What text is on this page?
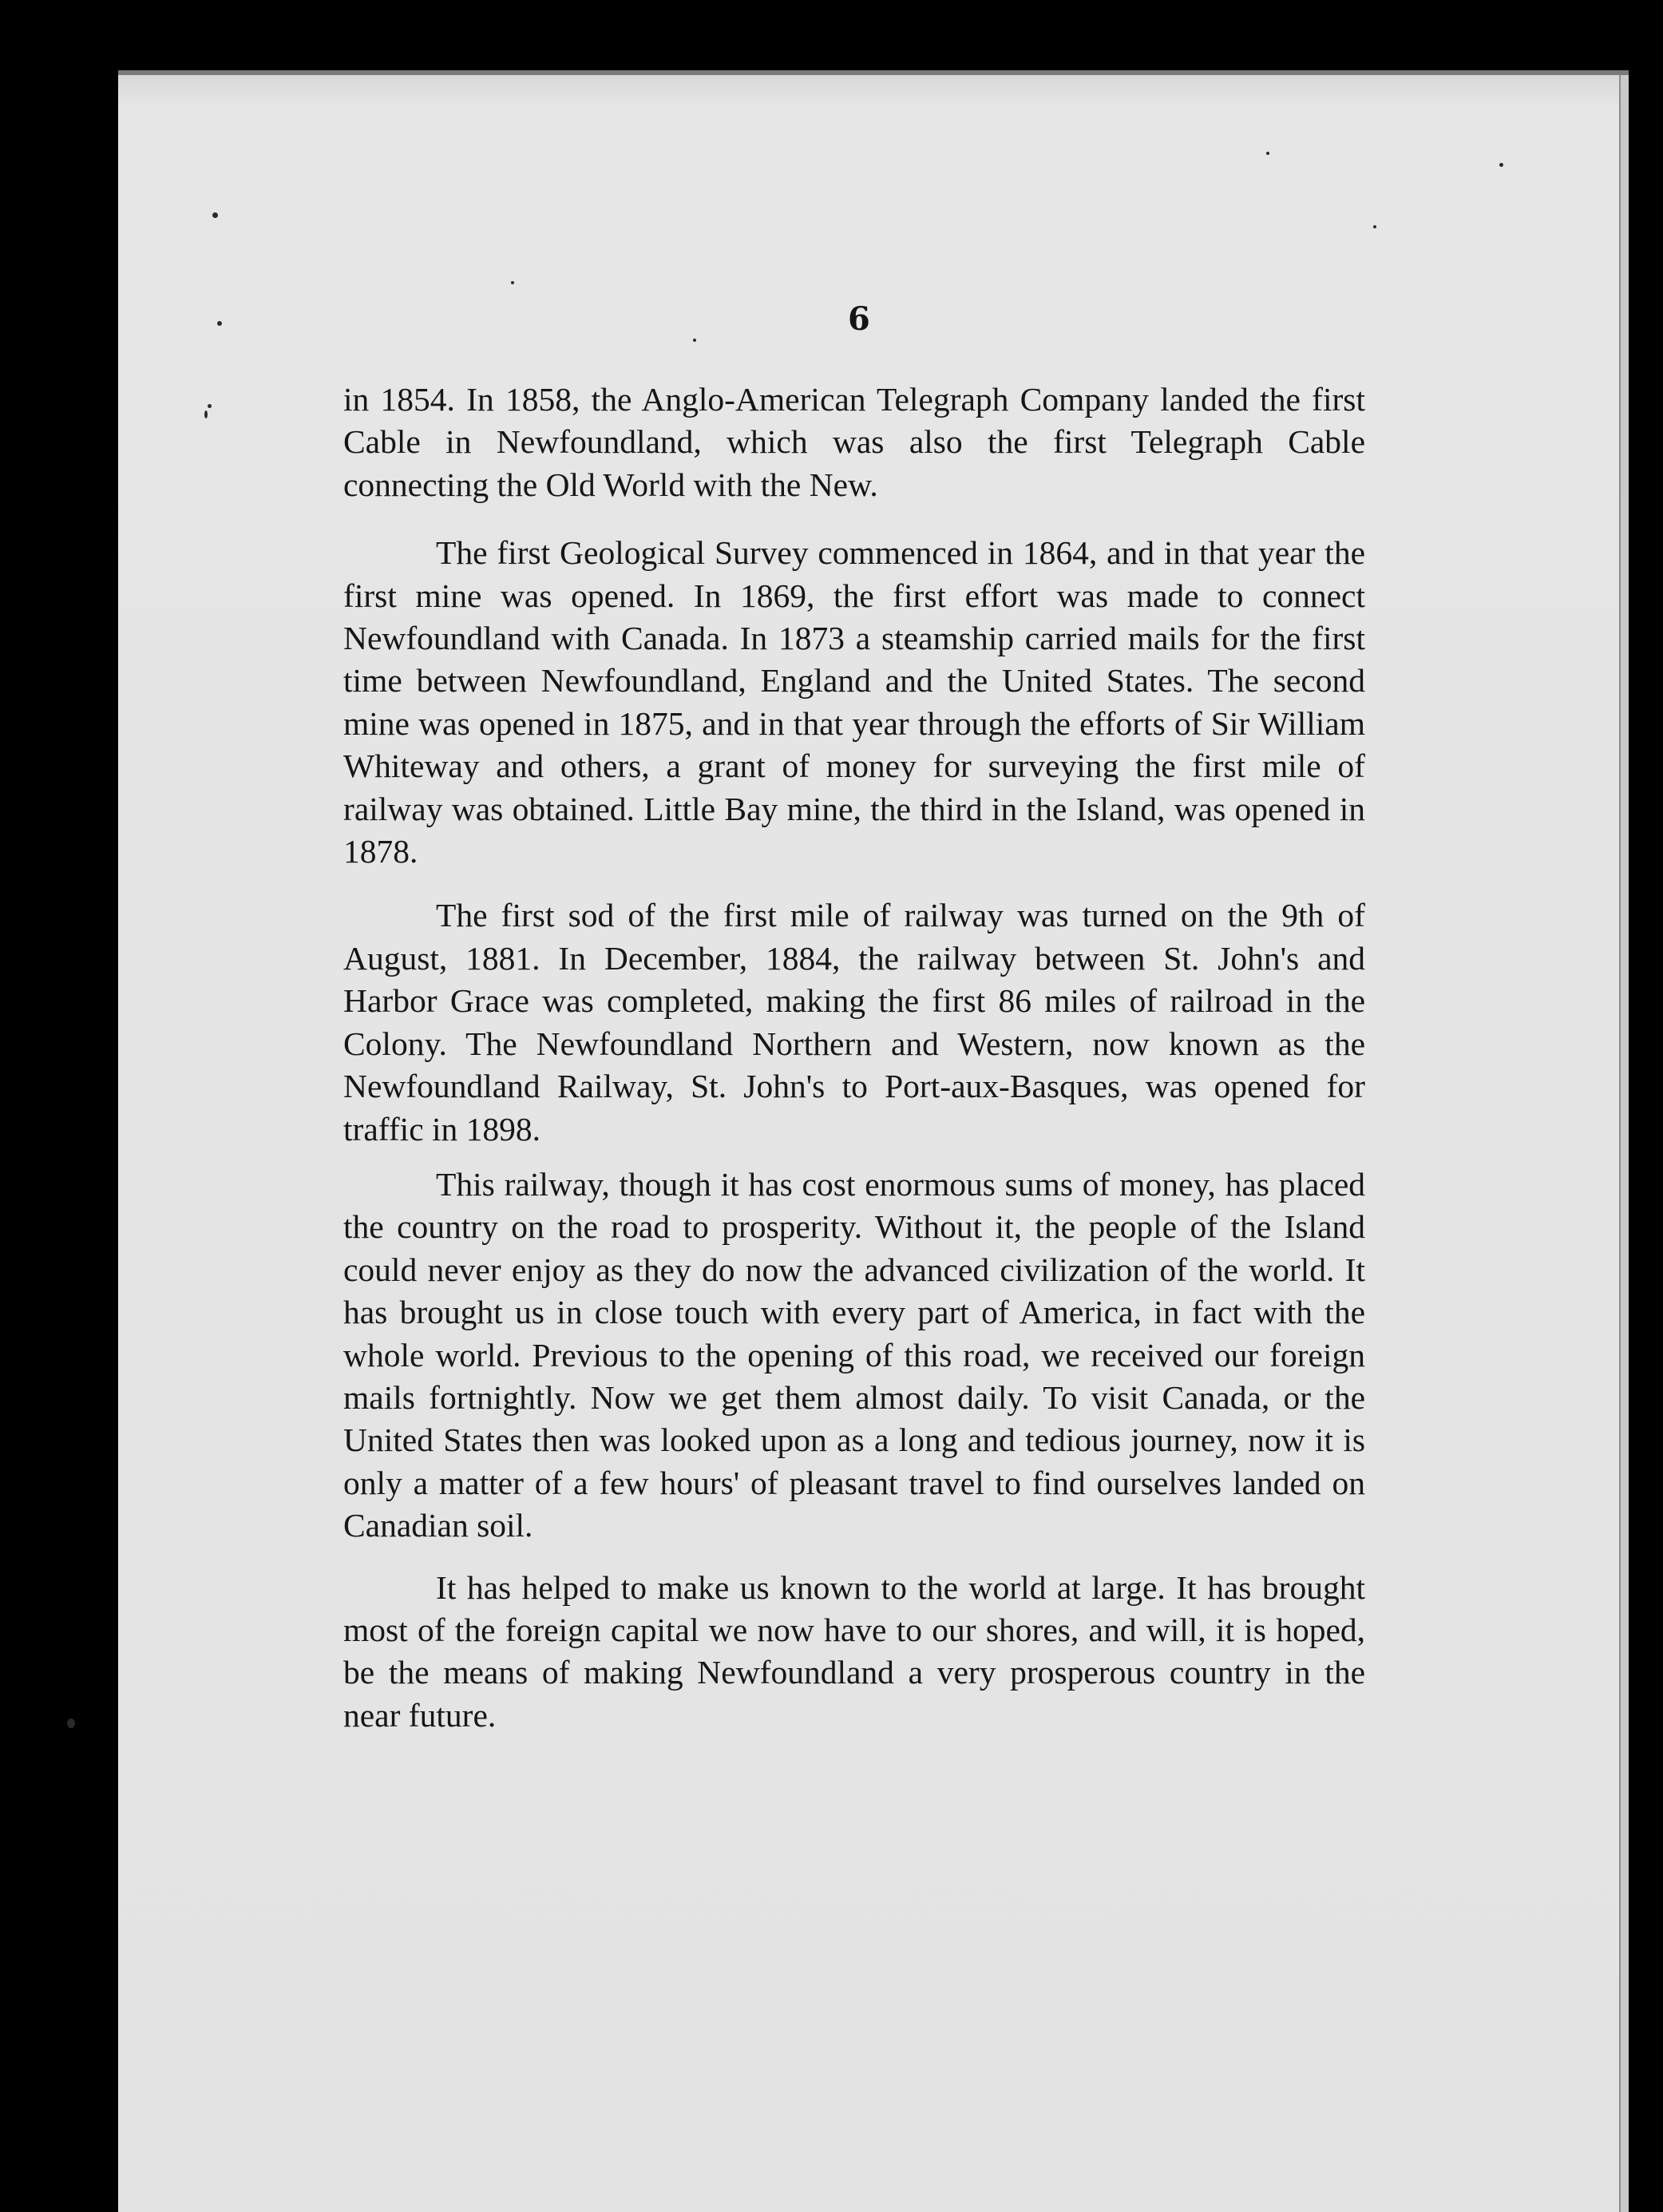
6

in 1854. In 1858, the Anglo-American Telegraph Company landed the first Cable in Newfoundland, which was also the first Telegraph Cable connecting the Old World with the New.

The first Geological Survey commenced in 1864, and in that year the first mine was opened. In 1869, the first effort was made to connect Newfoundland with Canada. In 1873 a steamship carried mails for the first time between Newfoundland, England and the United States. The second mine was opened in 1875, and in that year through the efforts of Sir William Whiteway and others, a grant of money for surveying the first mile of railway was obtained. Little Bay mine, the third in the Island, was opened in 1878.

The first sod of the first mile of railway was turned on the 9th of August, 1881. In December, 1884, the railway between St. John's and Harbor Grace was completed, making the first 86 miles of railroad in the Colony. The Newfoundland Northern and Western, now known as the Newfoundland Railway, St. John's to Port-aux-Basques, was opened for traffic in 1898.

This railway, though it has cost enormous sums of money, has placed the country on the road to prosperity. Without it, the people of the Island could never enjoy as they do now the advanced civilization of the world. It has brought us in close touch with every part of America, in fact with the whole world. Previous to the opening of this road, we received our foreign mails fortnightly. Now we get them almost daily. To visit Canada, or the United States then was looked upon as a long and tedious journey, now it is only a matter of a few hours' of pleasant travel to find ourselves landed on Canadian soil.

It has helped to make us known to the world at large. It has brought most of the foreign capital we now have to our shores, and will, it is hoped, be the means of making Newfoundland a very prosperous country in the near future.
